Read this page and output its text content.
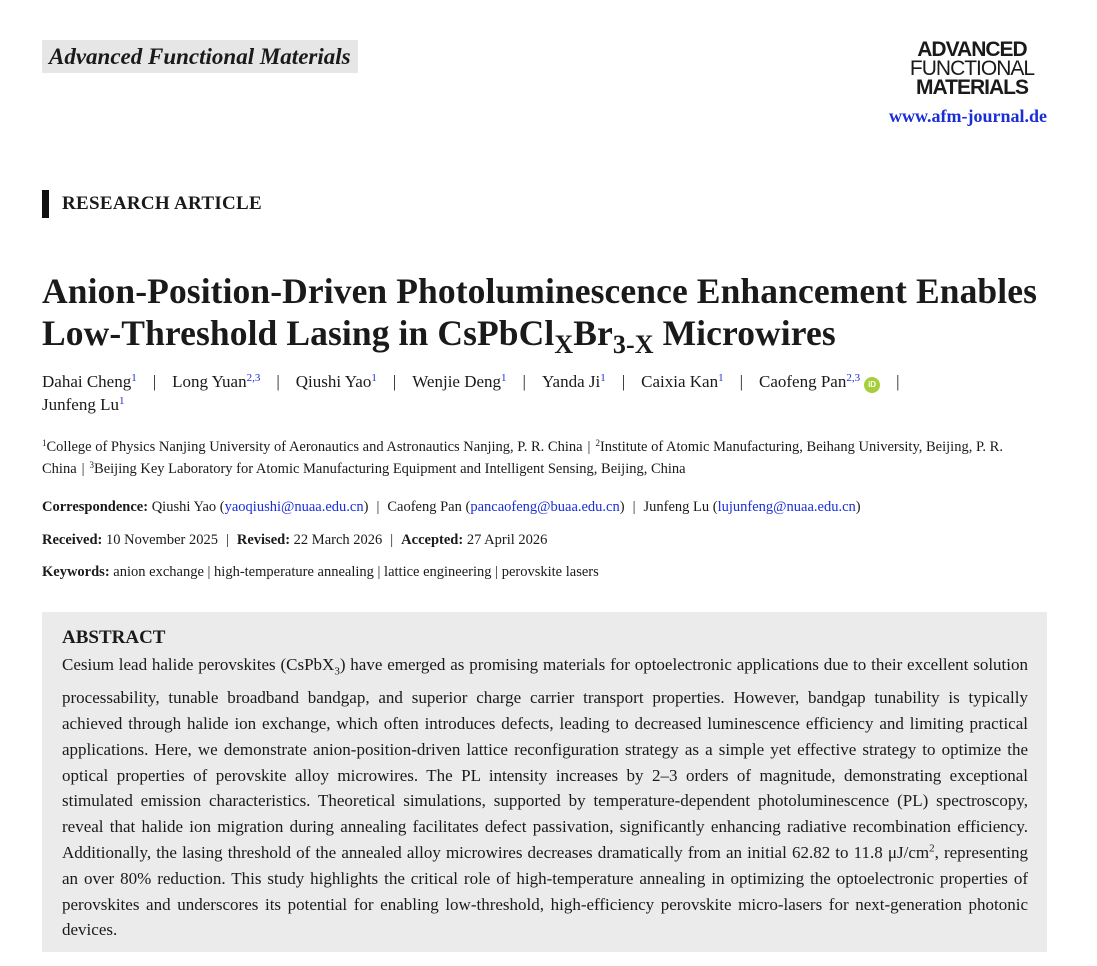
Advanced Functional Materials	ADVANCED
FUNCTIONAL
MATERIALS
www.afm-journal.de
RESEARCH ARTICLE
Anion-Position-Driven Photoluminescence Enhancement Enables Low-Threshold Lasing in $CsPbCl_XBr_{3-X}$ Microwires
Dahai Cheng$^1$ | Long Yuan$^{2,3}$ | Qiushi Yao$^1$ | Wenjie Deng$^1$ | Yanda Ji$^1$ | Caixia Kan$^1$ | Caofeng Pan$^{2,3}$iD |
Junfeng Lu$^1$
$^1$College of Physics Nanjing University of Aeronautics and Astronautics Nanjing, P. R. China | $^2$Institute of Atomic Manufacturing, Beihang University, Beijing, P. R. China | $^3$Beijing Key Laboratory for Atomic Manufacturing Equipment and Intelligent Sensing, Beijing, China
Correspondence: Qiushi Yao (yaoqiushi@nuaa.edu.cn) | Caofeng Pan (pancaofeng@buaa.edu.cn) | Junfeng Lu (lujunfeng@nuaa.edu.cn)
Received: 10 November 2025 | Revised: 22 March 2026 | Accepted: 27 April 2026
Keywords: anion exchange | high-temperature annealing | lattice engineering | perovskite lasers
ABSTRACT
Cesium lead halide perovskites (CsPbX$_3$) have emerged as promising materials for optoelectronic applications due to their excellent solution processability, tunable broadband bandgap, and superior charge carrier transport properties. However, bandgap tunability is typically achieved through halide ion exchange, which often introduces defects, leading to decreased luminescence efficiency and limiting practical applications. Here, we demonstrate anion-position-driven lattice reconfiguration strategy as a simple yet effective strategy to optimize the optical properties of perovskite alloy microwires. The PL intensity increases by 2–3 orders of magnitude, demonstrating exceptional stimulated emission characteristics. Theoretical simulations, supported by temperature-dependent photoluminescence (PL) spectroscopy, reveal that halide ion migration during annealing facilitates defect passivation, significantly enhancing radiative recombination efficiency. Additionally, the lasing threshold of the annealed alloy microwires decreases dramatically from an initial 62.82 to 11.8 $\mu J/cm^2$, representing an over 80% reduction. This study highlights the critical role of high-temperature annealing in optimizing the optoelectronic properties of perovskites and underscores its potential for enabling low-threshold, high-efficiency perovskite micro-lasers for next-generation photonic devices.
